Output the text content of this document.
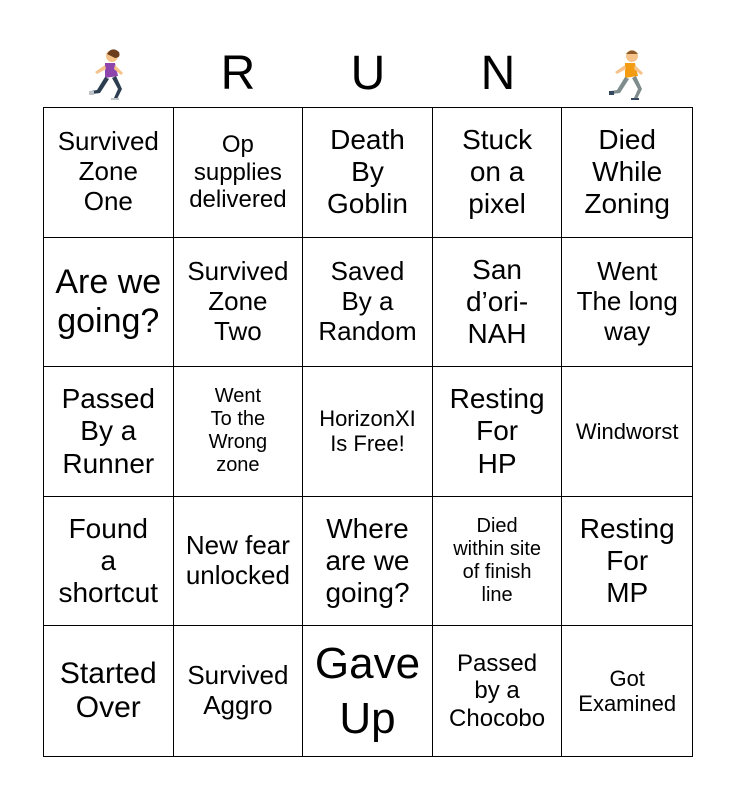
R	U	N
Survived
Zone
One
Op
supplies
delivered
Death
By
Goblin
Stuck
on a
pixel
Died
While
Zoning
Are we
going?
Survived
Zone
Two
Saved
By a
Random
San
d’ori-
NAH
Went
The long
way
Passed
By a
Runner
Went
To the
Wrong
zone
HorizonXI
Is Free!
Resting
For
HP
Windworst
Found
a
shortcut
New fear
unlocked
Where
are we
going?
Died
within site
of finish
line
Resting
For
MP
Started
Over
Survived
Aggro
Gave
Up
Passed
by a
Chocobo
Got
Examined
